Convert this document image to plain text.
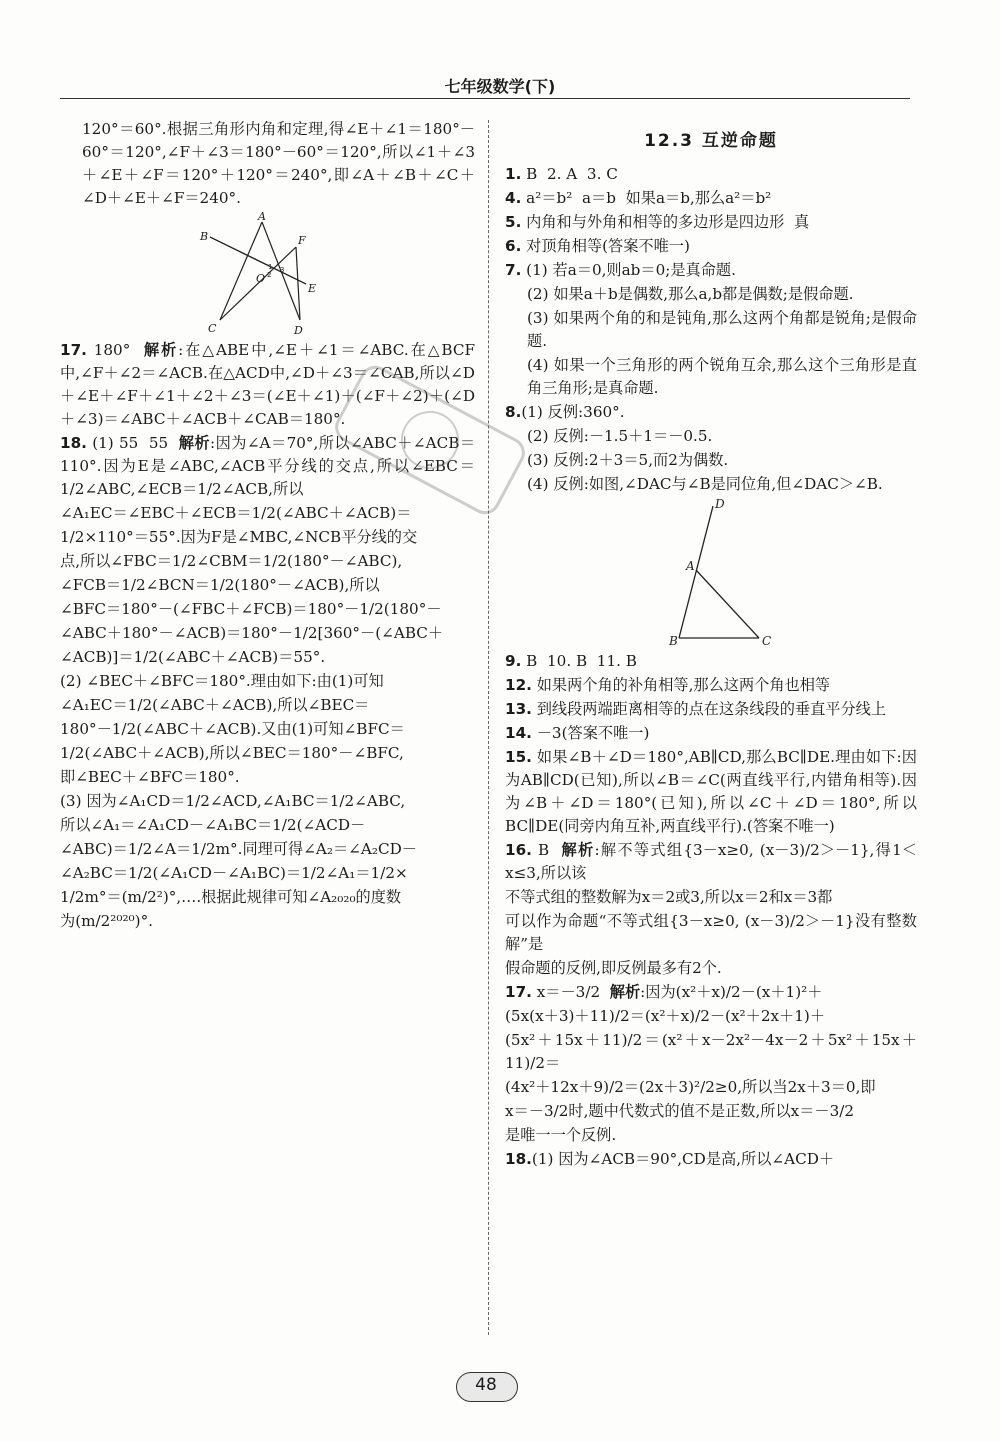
七年级数学(下)

120°＝60°.根据三角形内角和定理,得∠E＋∠1＝180°－60°＝120°,∠F＋∠3＝180°－60°＝120°,所以∠1＋∠3＋∠E＋∠F＝120°＋120°＝240°,即∠A＋∠B＋∠C＋∠D＋∠E＋∠F＝240°.

A
B	F
O
E
C	D
1
2
3

17. 180° 解析:在△ABE中,∠E＋∠1＝∠ABC.在△BCF中,∠F＋∠2＝∠ACB.在△ACD中,∠D＋∠3＝∠CAB,所以∠D＋∠E＋∠F＋∠1＋∠2＋∠3＝(∠E＋∠1)＋(∠F＋∠2)＋(∠D＋∠3)＝∠ABC＋∠ACB＋∠CAB＝180°.

18. (1) 55  55 解析:因为∠A＝70°,所以∠ABC＋∠ACB＝110°.因为E是∠ABC,∠ACB平分线的交点,所以∠EBC＝1/2∠ABC,∠ECB＝1/2∠ACB,所以

∠A₁EC＝∠EBC＋∠ECB＝1/2(∠ABC＋∠ACB)＝

1/2×110°＝55°.因为F是∠MBC,∠NCB平分线的交

点,所以∠FBC＝1/2∠CBM＝1/2(180°－∠ABC),

∠FCB＝1/2∠BCN＝1/2(180°－∠ACB),所以

∠BFC＝180°－(∠FBC＋∠FCB)＝180°－1/2(180°－

∠ABC＋180°－∠ACB)＝180°－1/2[360°－(∠ABC＋

∠ACB)]＝1/2(∠ABC＋∠ACB)＝55°.

(2) ∠BEC＋∠BFC＝180°.理由如下:由(1)可知

∠A₁EC＝1/2(∠ABC＋∠ACB),所以∠BEC＝

180°－1/2(∠ABC＋∠ACB).又由(1)可知∠BFC＝

1/2(∠ABC＋∠ACB),所以∠BEC＝180°－∠BFC,

即∠BEC＋∠BFC＝180°.

(3) 因为∠A₁CD＝1/2∠ACD,∠A₁BC＝1/2∠ABC,

所以∠A₁＝∠A₁CD－∠A₁BC＝1/2(∠ACD－

∠ABC)＝1/2∠A＝1/2m°.同理可得∠A₂＝∠A₂CD－

∠A₂BC＝1/2(∠A₁CD－∠A₁BC)＝1/2∠A₁＝1/2×

1/2m°＝(m/2²)°,….根据此规律可知∠A₂₀₂₀的度数

为(m/2²⁰²⁰)°.

12.3 互逆命题

1. B  2. A  3. C

4. a²＝b²  a＝b  如果a＝b,那么a²＝b²

5. 内角和与外角和相等的多边形是四边形  真

6. 对顶角相等(答案不唯一)

7. (1) 若a＝0,则ab＝0;是真命题.

(2) 如果a＋b是偶数,那么a,b都是偶数;是假命题.

(3) 如果两个角的和是钝角,那么这两个角都是锐角;是假命题.

(4) 如果一个三角形的两个锐角互余,那么这个三角形是直角三角形;是真命题.

8.(1) 反例:360°.

(2) 反例:－1.5＋1＝－0.5.

(3) 反例:2＋3＝5,而2为偶数.

(4) 反例:如图,∠DAC与∠B是同位角,但∠DAC＞∠B.

D
A
B	C

9. B  10. B  11. B

12. 如果两个角的补角相等,那么这两个角也相等

13. 到线段两端距离相等的点在这条线段的垂直平分线上

14. －3(答案不唯一)

15. 如果∠B＋∠D＝180°,AB∥CD,那么BC∥DE.理由如下:因为AB∥CD(已知),所以∠B＝∠C(两直线平行,内错角相等).因为∠B＋∠D＝180°(已知),所以∠C＋∠D＝180°,所以BC∥DE(同旁内角互补,两直线平行).(答案不唯一)

16. B 解析:解不等式组{3－x≥0, (x－3)/2＞－1},得1＜x≤3,所以该

不等式组的整数解为x＝2或3,所以x＝2和x＝3都

可以作为命题“不等式组{3－x≥0, (x－3)/2＞－1}没有整数解”是

假命题的反例,即反例最多有2个.

17. x＝－3/2 解析:因为(x²＋x)/2－(x＋1)²＋

(5x(x＋3)＋11)/2＝(x²＋x)/2－(x²＋2x＋1)＋

(5x²＋15x＋11)/2＝(x²＋x－2x²－4x－2＋5x²＋15x＋11)/2＝

(4x²＋12x＋9)/2＝(2x＋3)²/2≥0,所以当2x＋3＝0,即

x＝－3/2时,题中代数式的值不是正数,所以x＝－3/2

是唯一一个反例.

18.(1) 因为∠ACB＝90°,CD是高,所以∠ACD＋

48
